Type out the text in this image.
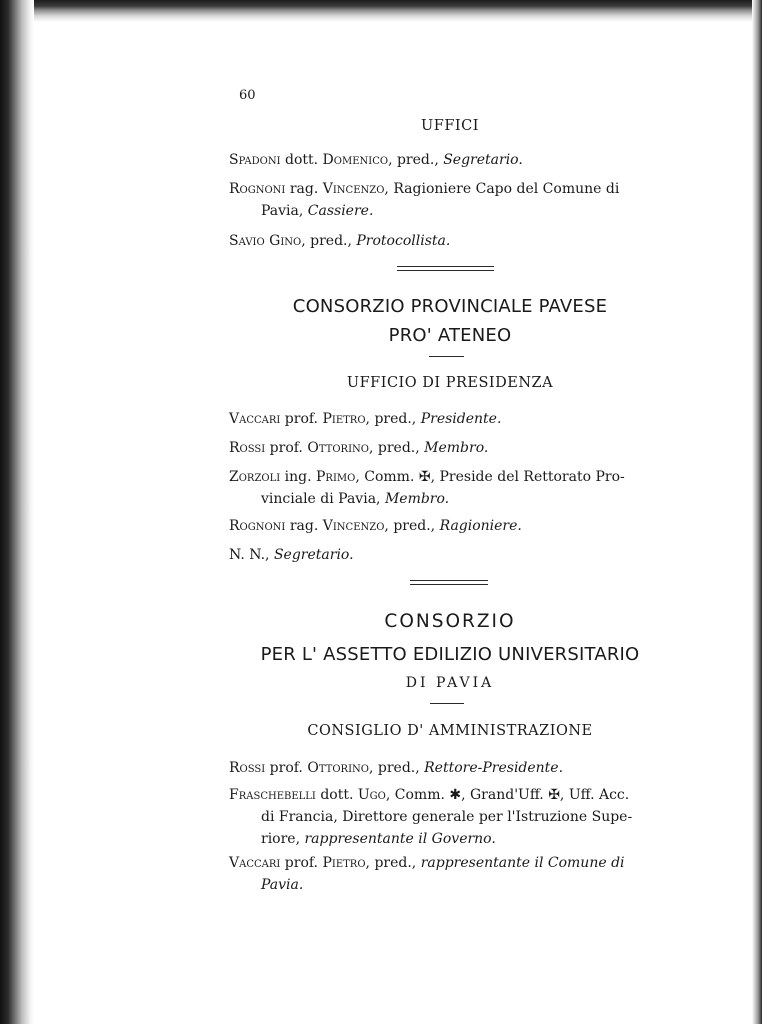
60
UFFICI
Spadoni dott. Domenico, pred., Segretario.
Rognoni rag. Vincenzo, Ragioniere Capo del Comune di
Pavia, Cassiere.
Savio Gino, pred., Protocollista.
CONSORZIO PROVINCIALE PAVESE
PRO' ATENEO
UFFICIO DI PRESIDENZA
Vaccari prof. Pietro, pred., Presidente.
Rossi prof. Ottorino, pred., Membro.
Zorzoli ing. Primo, Comm. ✠, Preside del Rettorato Pro-
vinciale di Pavia, Membro.
Rognoni rag. Vincenzo, pred., Ragioniere.
N. N., Segretario.
CONSORZIO
PER L' ASSETTO EDILIZIO UNIVERSITARIO
DI PAVIA
CONSIGLIO D' AMMINISTRAZIONE
Rossi prof. Ottorino, pred., Rettore-Presidente.
Fraschebelli dott. Ugo, Comm. ✱, Grand'Uff. ✠, Uff. Acc.
di Francia, Direttore generale per l'Istruzione Supe-
riore, rappresentante il Governo.
Vaccari prof. Pietro, pred., rappresentante il Comune di
Pavia.
